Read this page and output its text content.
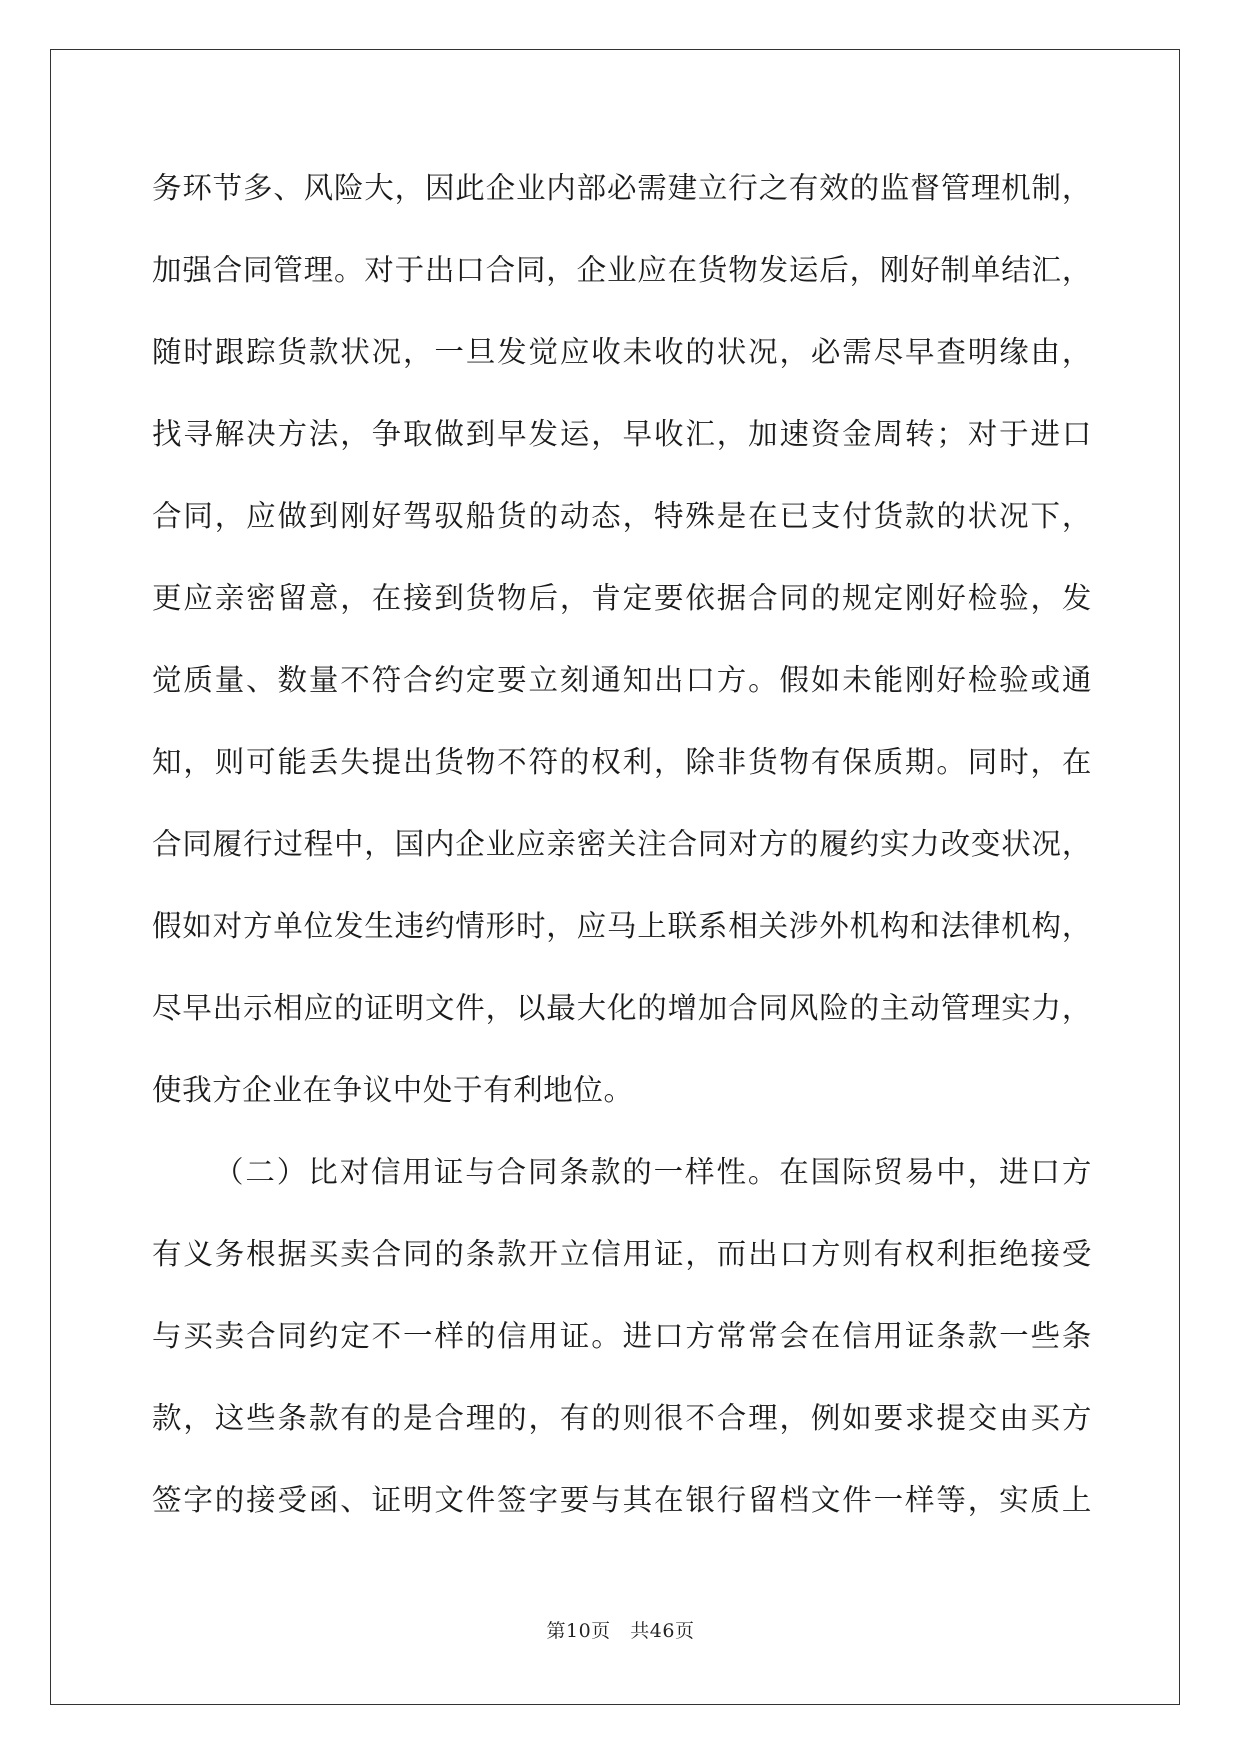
务环节多、风险大，因此企业内部必需建立行之有效的监督管理机制，
加强合同管理。对于出口合同，企业应在货物发运后，刚好制单结汇，
随时跟踪货款状况，一旦发觉应收未收的状况，必需尽早查明缘由，
找寻解决方法，争取做到早发运，早收汇，加速资金周转；对于进口
合同，应做到刚好驾驭船货的动态，特殊是在已支付货款的状况下，
更应亲密留意，在接到货物后，肯定要依据合同的规定刚好检验，发
觉质量、数量不符合约定要立刻通知出口方。假如未能刚好检验或通
知，则可能丢失提出货物不符的权利，除非货物有保质期。同时，在
合同履行过程中，国内企业应亲密关注合同对方的履约实力改变状况，
假如对方单位发生违约情形时，应马上联系相关涉外机构和法律机构，
尽早出示相应的证明文件，以最大化的增加合同风险的主动管理实力，
使我方企业在争议中处于有利地位。
（二）比对信用证与合同条款的一样性。在国际贸易中，进口方
有义务根据买卖合同的条款开立信用证，而出口方则有权利拒绝接受
与买卖合同约定不一样的信用证。进口方常常会在信用证条款一些条
款，这些条款有的是合理的，有的则很不合理，例如要求提交由买方
签字的接受函、证明文件签字要与其在银行留档文件一样等，实质上
第10页   共46页
